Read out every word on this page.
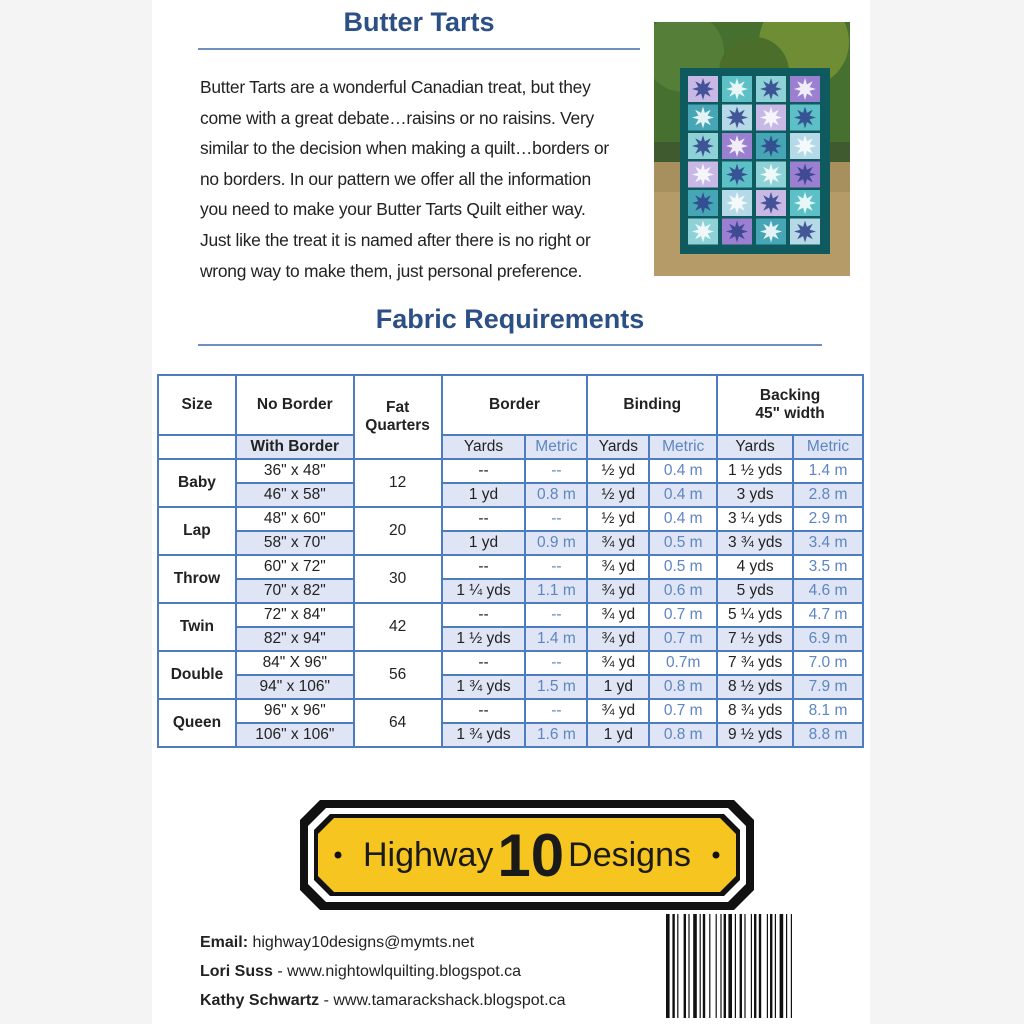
Butter Tarts
Butter Tarts are a wonderful Canadian treat, but they
come with a great debate…raisins or no raisins. Very
similar to the decision when making a quilt…borders or
no borders. In our pattern we offer all the information
you need to make your Butter Tarts Quilt either way.
Just like the treat it is named after there is no right or
wrong way to make them, just personal preference.
Fabric Requirements
Size	No Border	Fat Quarters	Border		Binding		Backing
45" width	

	With Border		Yards	Metric	Yards	Metric	Yards	Metric
Baby	36" x 48"	12	--	--	½ yd	0.4 m	1 ½ yds	1.4 m
	46" x 58"		1 yd	0.8 m	½ yd	0.4 m	3 yds	2.8 m
Lap	48" x 60"	20	--	--	½ yd	0.4 m	3 ¼ yds	2.9 m
	58" x 70"		1 yd	0.9 m	¾ yd	0.5 m	3 ¾ yds	3.4 m
Throw	60" x 72"	30	--	--	¾ yd	0.5 m	4 yds	3.5 m
	70" x 82"		1 ¼ yds	1.1 m	¾ yd	0.6 m	5 yds	4.6 m
Twin	72" x 84"	42	--	--	¾ yd	0.7 m	5 ¼ yds	4.7 m
	82" x 94"		1 ½ yds	1.4 m	¾ yd	0.7 m	7 ½ yds	6.9 m
Double	84" X 96"	56	--	--	¾ yd	0.7m	7 ¾ yds	7.0 m
	94" x 106"		1 ¾ yds	1.5 m	1 yd	0.8 m	8 ½ yds	7.9 m
Queen	96" x 96"	64	--	--	¾ yd	0.7 m	8 ¾ yds	8.1 m
	106" x 106"		1 ¾ yds	1.6 m	1 yd	0.8 m	9 ½ yds	8.8 m
Highway 10 Designs
Email: highway10designs@mymts.net
Lori Suss - www.nightowlquilting.blogspot.ca
Kathy Schwartz - www.tamarackshack.blogspot.ca
